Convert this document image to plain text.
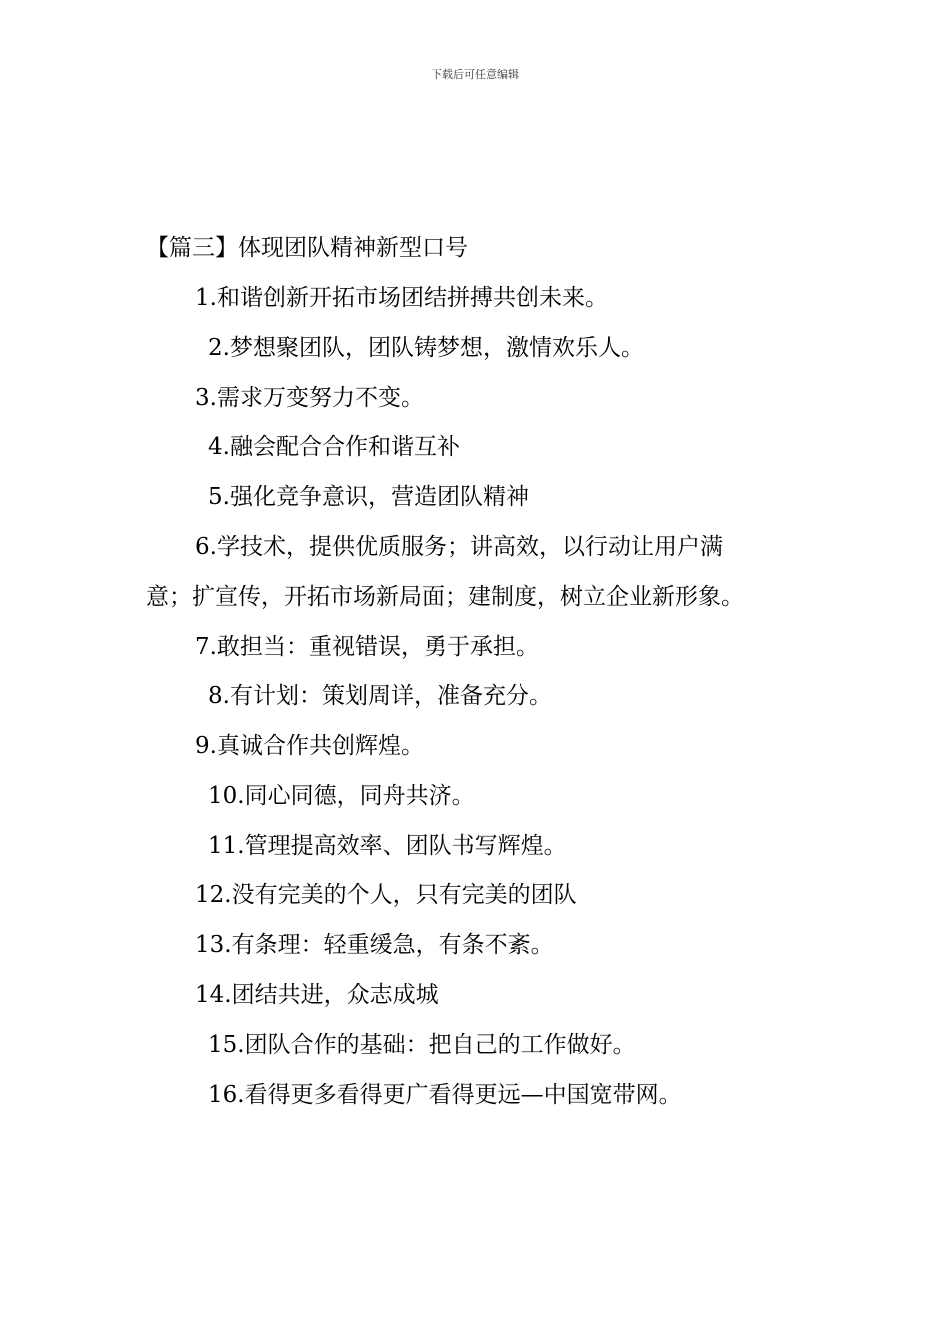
下载后可任意编辑
【篇三】体现团队精神新型口号
1.和谐创新开拓市场团结拼搏共创未来。
2.梦想聚团队，团队铸梦想，激情欢乐人。
3.需求万变努力不变。
4.融会配合合作和谐互补
5.强化竞争意识，营造团队精神
6.学技术，提供优质服务；讲高效，以行动让用户满
意；扩宣传，开拓市场新局面；建制度，树立企业新形象。
7.敢担当：重视错误，勇于承担。
8.有计划：策划周详，准备充分。
9.真诚合作共创辉煌。
10.同心同德，同舟共济。
11.管理提高效率、团队书写辉煌。
12.没有完美的个人，只有完美的团队
13.有条理：轻重缓急，有条不紊。
14.团结共进，众志成城
15.团队合作的基础：把自己的工作做好。
16.看得更多看得更广看得更远—中国宽带网。
